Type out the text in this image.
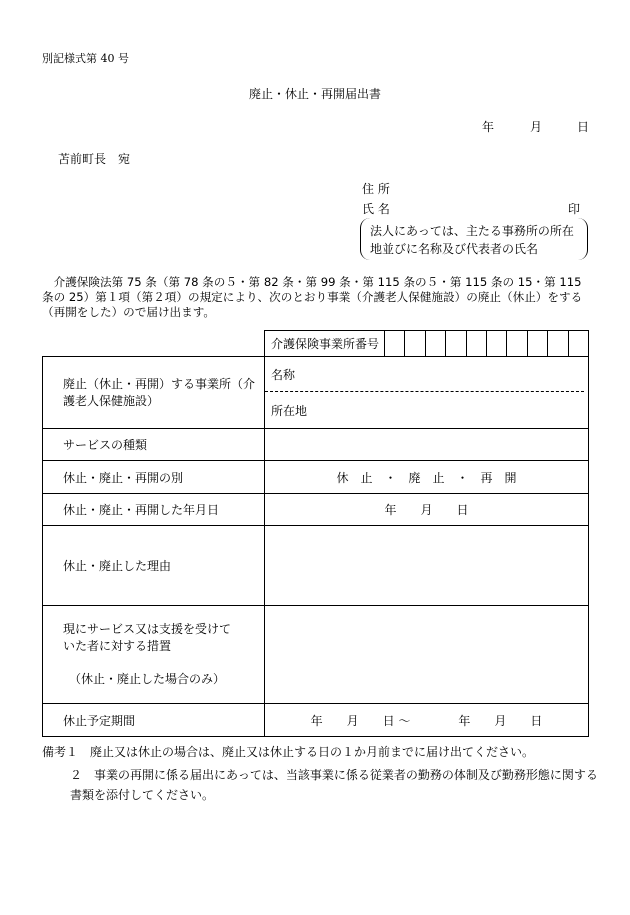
別記様式第 40 号
廃止・休止・再開届出書
年	月	日
苫前町長　宛
住 所
氏 名	印
法人にあっては、主たる事務所の所在地並びに名称及び代表者の氏名
介護保険法第 75 条（第 78 条の５・第 82 条・第 99 条・第 115 条の５・第 115 条の 15・第 115 条の 25）第１項（第２項）の規定により、次のとおり事業（介護老人保健施設）の廃止（休止）をする（再開をした）ので届け出ます。

介護保険事業所番号

廃止（休止・再開）する事業所（介護老人保健施設）	名称
所在地

サービスの種類	
休止・廃止・再開の別	休　止　・　廃　止　・　再　開
休止・廃止・再開した年月日	年　　月　　日
休止・廃止した理由	

現にサービス又は支援を受けていた者に対する措置
（休止・廃止した場合のみ）	

休止予定期間	年　　月　　日 〜　　　　年　　月　　日
備考１　廃止又は休止の場合は、廃止又は休止する日の１か月前までに届け出てください。
２　事業の再開に係る届出にあっては、当該事業に係る従業者の勤務の体制及び勤務形態に関する書類を添付してください。
